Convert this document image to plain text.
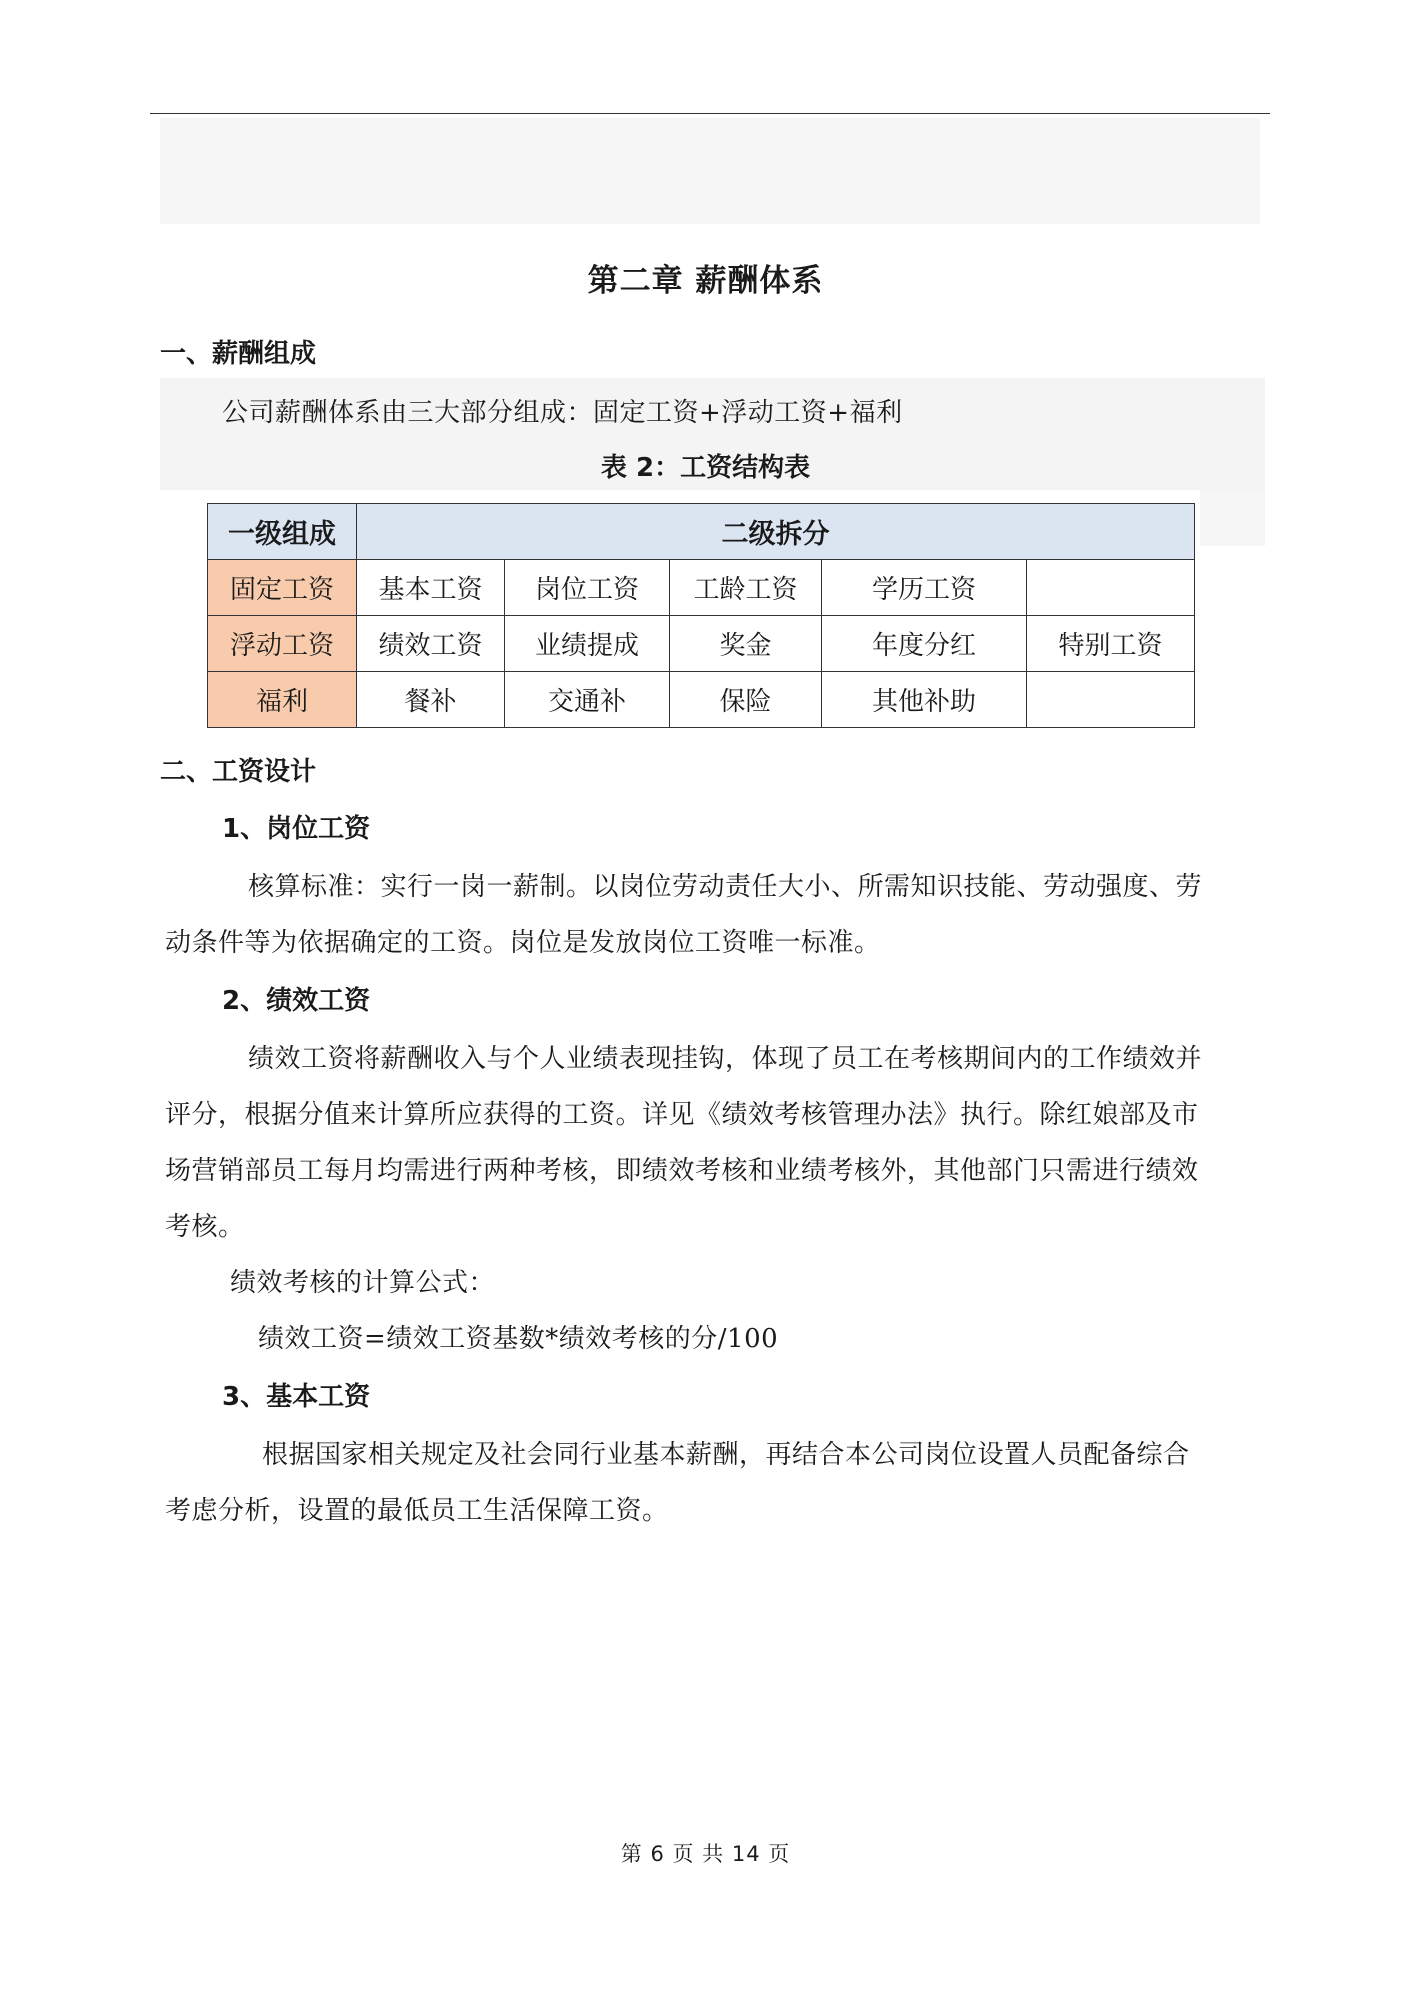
第二章 薪酬体系
一、薪酬组成
公司薪酬体系由三大部分组成：固定工资+浮动工资+福利
表 2：工资结构表
一级组成	二级拆分				
固定工资	基本工资	岗位工资	工龄工资	学历工资	
浮动工资	绩效工资	业绩提成	奖金	年度分红	特别工资
福利	餐补	交通补	保险	其他补助	
二、工资设计
1、岗位工资
核算标准：实行一岗一薪制。以岗位劳动责任大小、所需知识技能、劳动强度、劳
动条件等为依据确定的工资。岗位是发放岗位工资唯一标准。
2、绩效工资
绩效工资将薪酬收入与个人业绩表现挂钩，体现了员工在考核期间内的工作绩效并
评分，根据分值来计算所应获得的工资。详见《绩效考核管理办法》执行。除红娘部及市
场营销部员工每月均需进行两种考核，即绩效考核和业绩考核外，其他部门只需进行绩效
考核。
绩效考核的计算公式：
绩效工资=绩效工资基数*绩效考核的分/100
3、基本工资
根据国家相关规定及社会同行业基本薪酬，再结合本公司岗位设置人员配备综合
考虑分析，设置的最低员工生活保障工资。
第 6 页 共 14 页
